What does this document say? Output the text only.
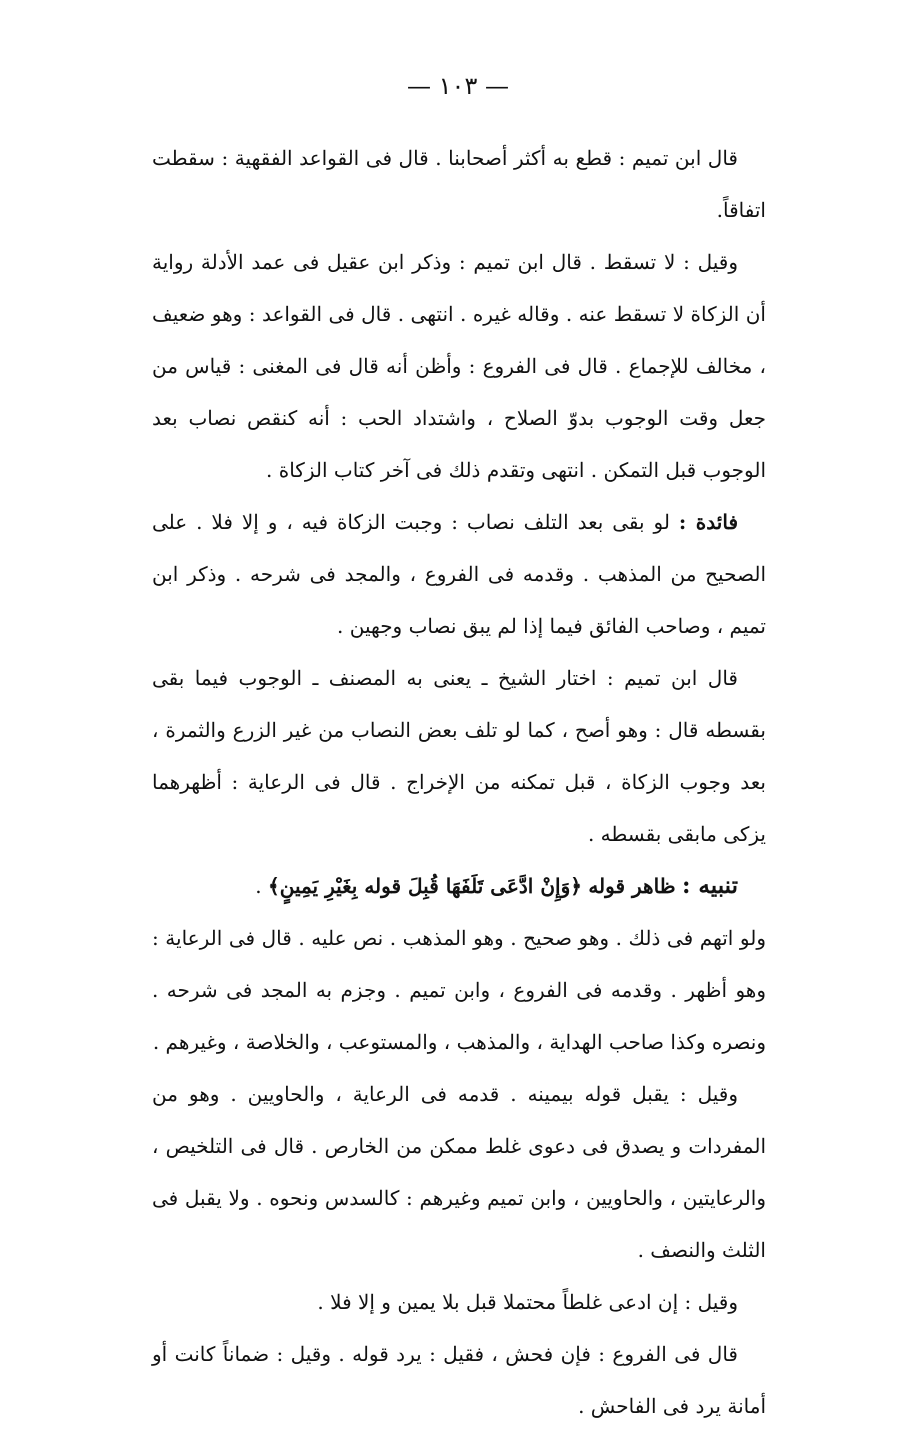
— ١٠٣ —

قال ابن تميم : قطع به أكثر أصحابنا . قال فى القواعد الفقهية : سقطت اتفاقاً.

وقيل : لا تسقط . قال ابن تميم : وذكر ابن عقيل فى عمد الأدلة رواية أن الزكاة لا تسقط عنه . وقاله غيره . انتهى . قال فى القواعد : وهو ضعيف ، مخالف للإجماع . قال فى الفروع : وأظن أنه قال فى المغنى : قياس من جعل وقت الوجوب بدوّ الصلاح ، واشتداد الحب : أنه كنقص نصاب بعد الوجوب قبل التمكن . انتهى وتقدم ذلك فى آخر كتاب الزكاة .

فائدة : لو بقى بعد التلف نصاب : وجبت الزكاة فيه ، و إلا فلا . على الصحيح من المذهب . وقدمه فى الفروع ، والمجد فى شرحه . وذكر ابن تميم ، وصاحب الفائق فيما إذا لم يبق نصاب وجهين .

قال ابن تميم : اختار الشيخ ـ يعنى به المصنف ـ الوجوب فيما بقى بقسطه قال : وهو أصح ، كما لو تلف بعض النصاب من غير الزرع والثمرة ، بعد وجوب الزكاة ، قبل تمكنه من الإخراج . قال فى الرعاية : أظهرهما يزكى مابقى بقسطه .

تنبيه : ظاهر قوله ﴿وَإِنْ ادَّعَى تَلَفَهَا قُبِلَ قوله بِغَيْرِ يَمِينٍ﴾ .

ولو اتهم فى ذلك . وهو صحيح . وهو المذهب . نص عليه . قال فى الرعاية : وهو أظهر . وقدمه فى الفروع ، وابن تميم . وجزم به المجد فى شرحه . ونصره وكذا صاحب الهداية ، والمذهب ، والمستوعب ، والخلاصة ، وغيرهم .

وقيل : يقبل قوله بيمينه . قدمه فى الرعاية ، والحاويين . وهو من المفردات و يصدق فى دعوى غلط ممكن من الخارص . قال فى التلخيص ، والرعايتين ، والحاويين ، وابن تميم وغيرهم : كالسدس ونحوه . ولا يقبل فى الثلث والنصف .

وقيل : إن ادعى غلطاً محتملا قبل بلا يمين و إلا فلا .

قال فى الفروع : فإن فحش ، فقيل : يرد قوله . وقيل : ضماناً كانت أو أمانة يرد فى الفاحش .
